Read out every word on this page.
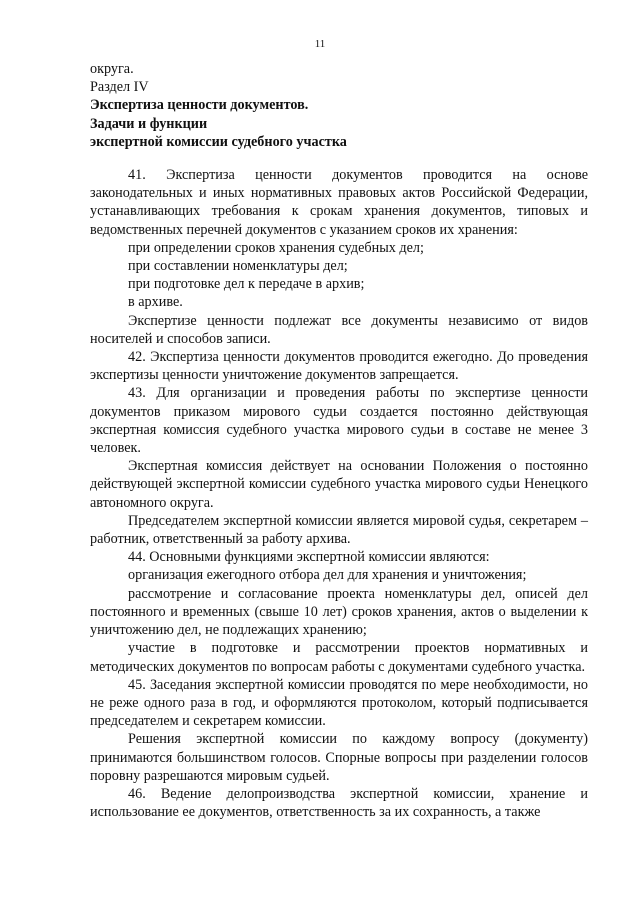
11

округа.

Раздел IV

Экспертиза ценности документов.

Задачи и функции

экспертной комиссии судебного участка

41. Экспертиза ценности документов проводится на основе законодательных и иных нормативных правовых актов Российской Федерации, устанавливающих требования к срокам хранения документов, типовых и ведомственных перечней документов с указанием сроков их хранения:

при определении сроков хранения судебных дел;

при составлении номенклатуры дел;

при подготовке дел к передаче в архив;

в архиве.

Экспертизе ценности подлежат все документы независимо от видов носителей и способов записи.

42. Экспертиза ценности документов проводится ежегодно. До проведения экспертизы ценности уничтожение документов запрещается.

43. Для организации и проведения работы по экспертизе ценности документов приказом мирового судьи создается постоянно действующая экспертная комиссия судебного участка мирового судьи в составе не менее 3 человек.

Экспертная комиссия действует на основании Положения о постоянно действующей экспертной комиссии судебного участка мирового судьи Ненецкого автономного округа.

Председателем экспертной комиссии является мировой судья, секретарем – работник, ответственный за работу архива.

44. Основными функциями экспертной комиссии являются:

организация ежегодного отбора дел для хранения и уничтожения;

рассмотрение и согласование проекта номенклатуры дел, описей дел постоянного и временных (свыше 10 лет) сроков хранения, актов о выделении к уничтожению дел, не подлежащих хранению;

участие в подготовке и рассмотрении проектов нормативных и методических документов по вопросам работы с документами судебного участка.

45. Заседания экспертной комиссии проводятся по мере необходимости, но не реже одного раза в год, и оформляются протоколом, который подписывается председателем и секретарем комиссии.

Решения экспертной комиссии по каждому вопросу (документу) принимаются большинством голосов. Спорные вопросы при разделении голосов поровну разрешаются мировым судьей.

46. Ведение делопроизводства экспертной комиссии, хранение и использование ее документов, ответственность за их сохранность, а также
